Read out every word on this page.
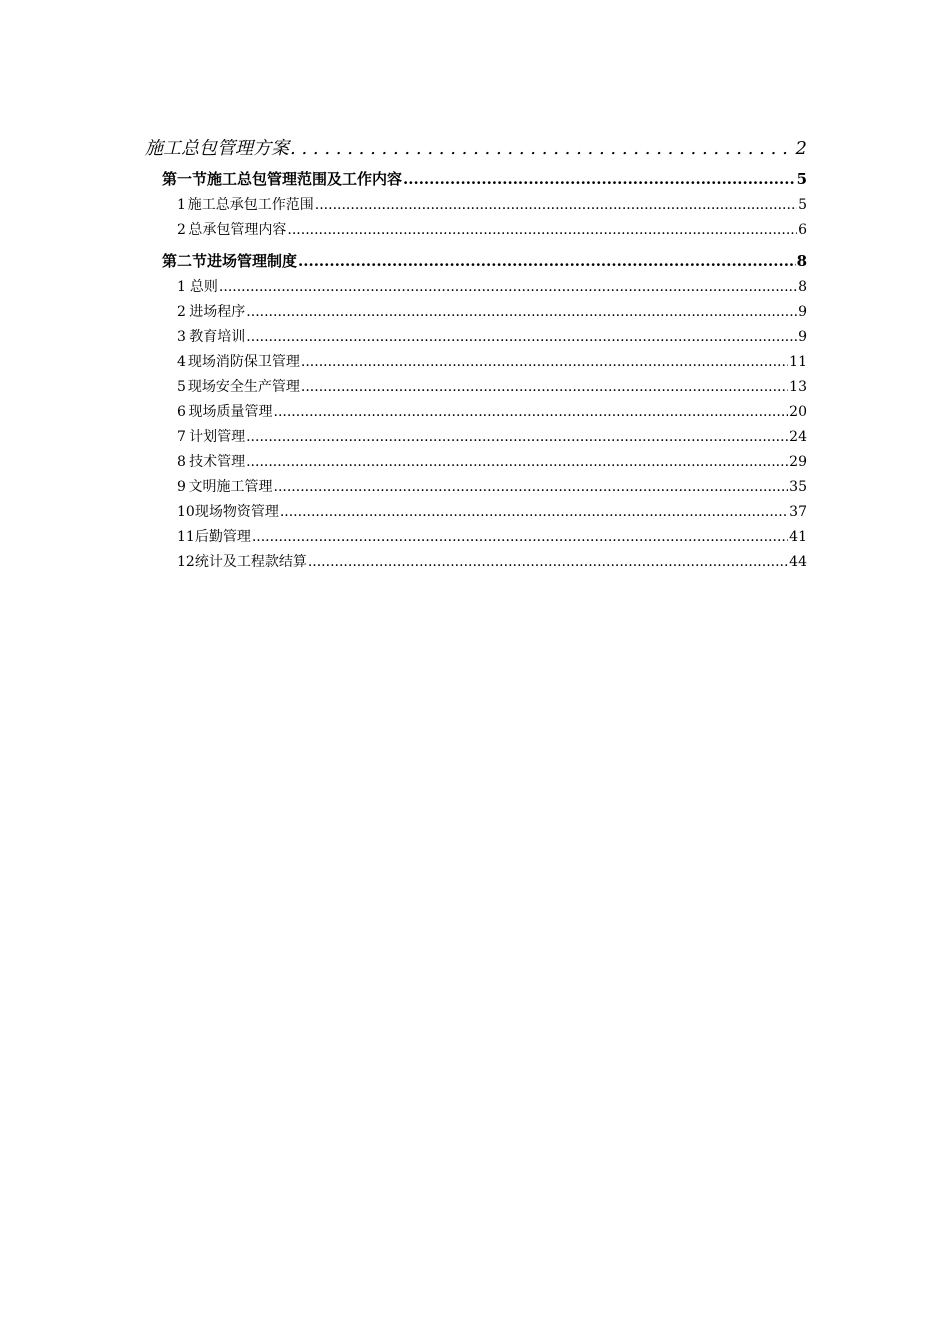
施工总包管理方案 . . .	2
第一节 施工总包管理范围及工作内容 .....	5
1 施工总承包工作范围 .....	5
2 总承包管理内容 .....	6
第二节 进场管理制度 .....	8
1 总则 .....	8
2 进场程序 .....	9
3 教育培训 .....	9
4 现场消防保卫管理 .....	11
5 现场安全生产管理 .....	13
6 现场质量管理 .....	20
7 计划管理 .....	24
8 技术管理 .....	29
9 文明施工管理 .....	35
10 现场物资管理 .....	37
11 后勤管理 .....	41
12 统计及工程款结算 .....	44
